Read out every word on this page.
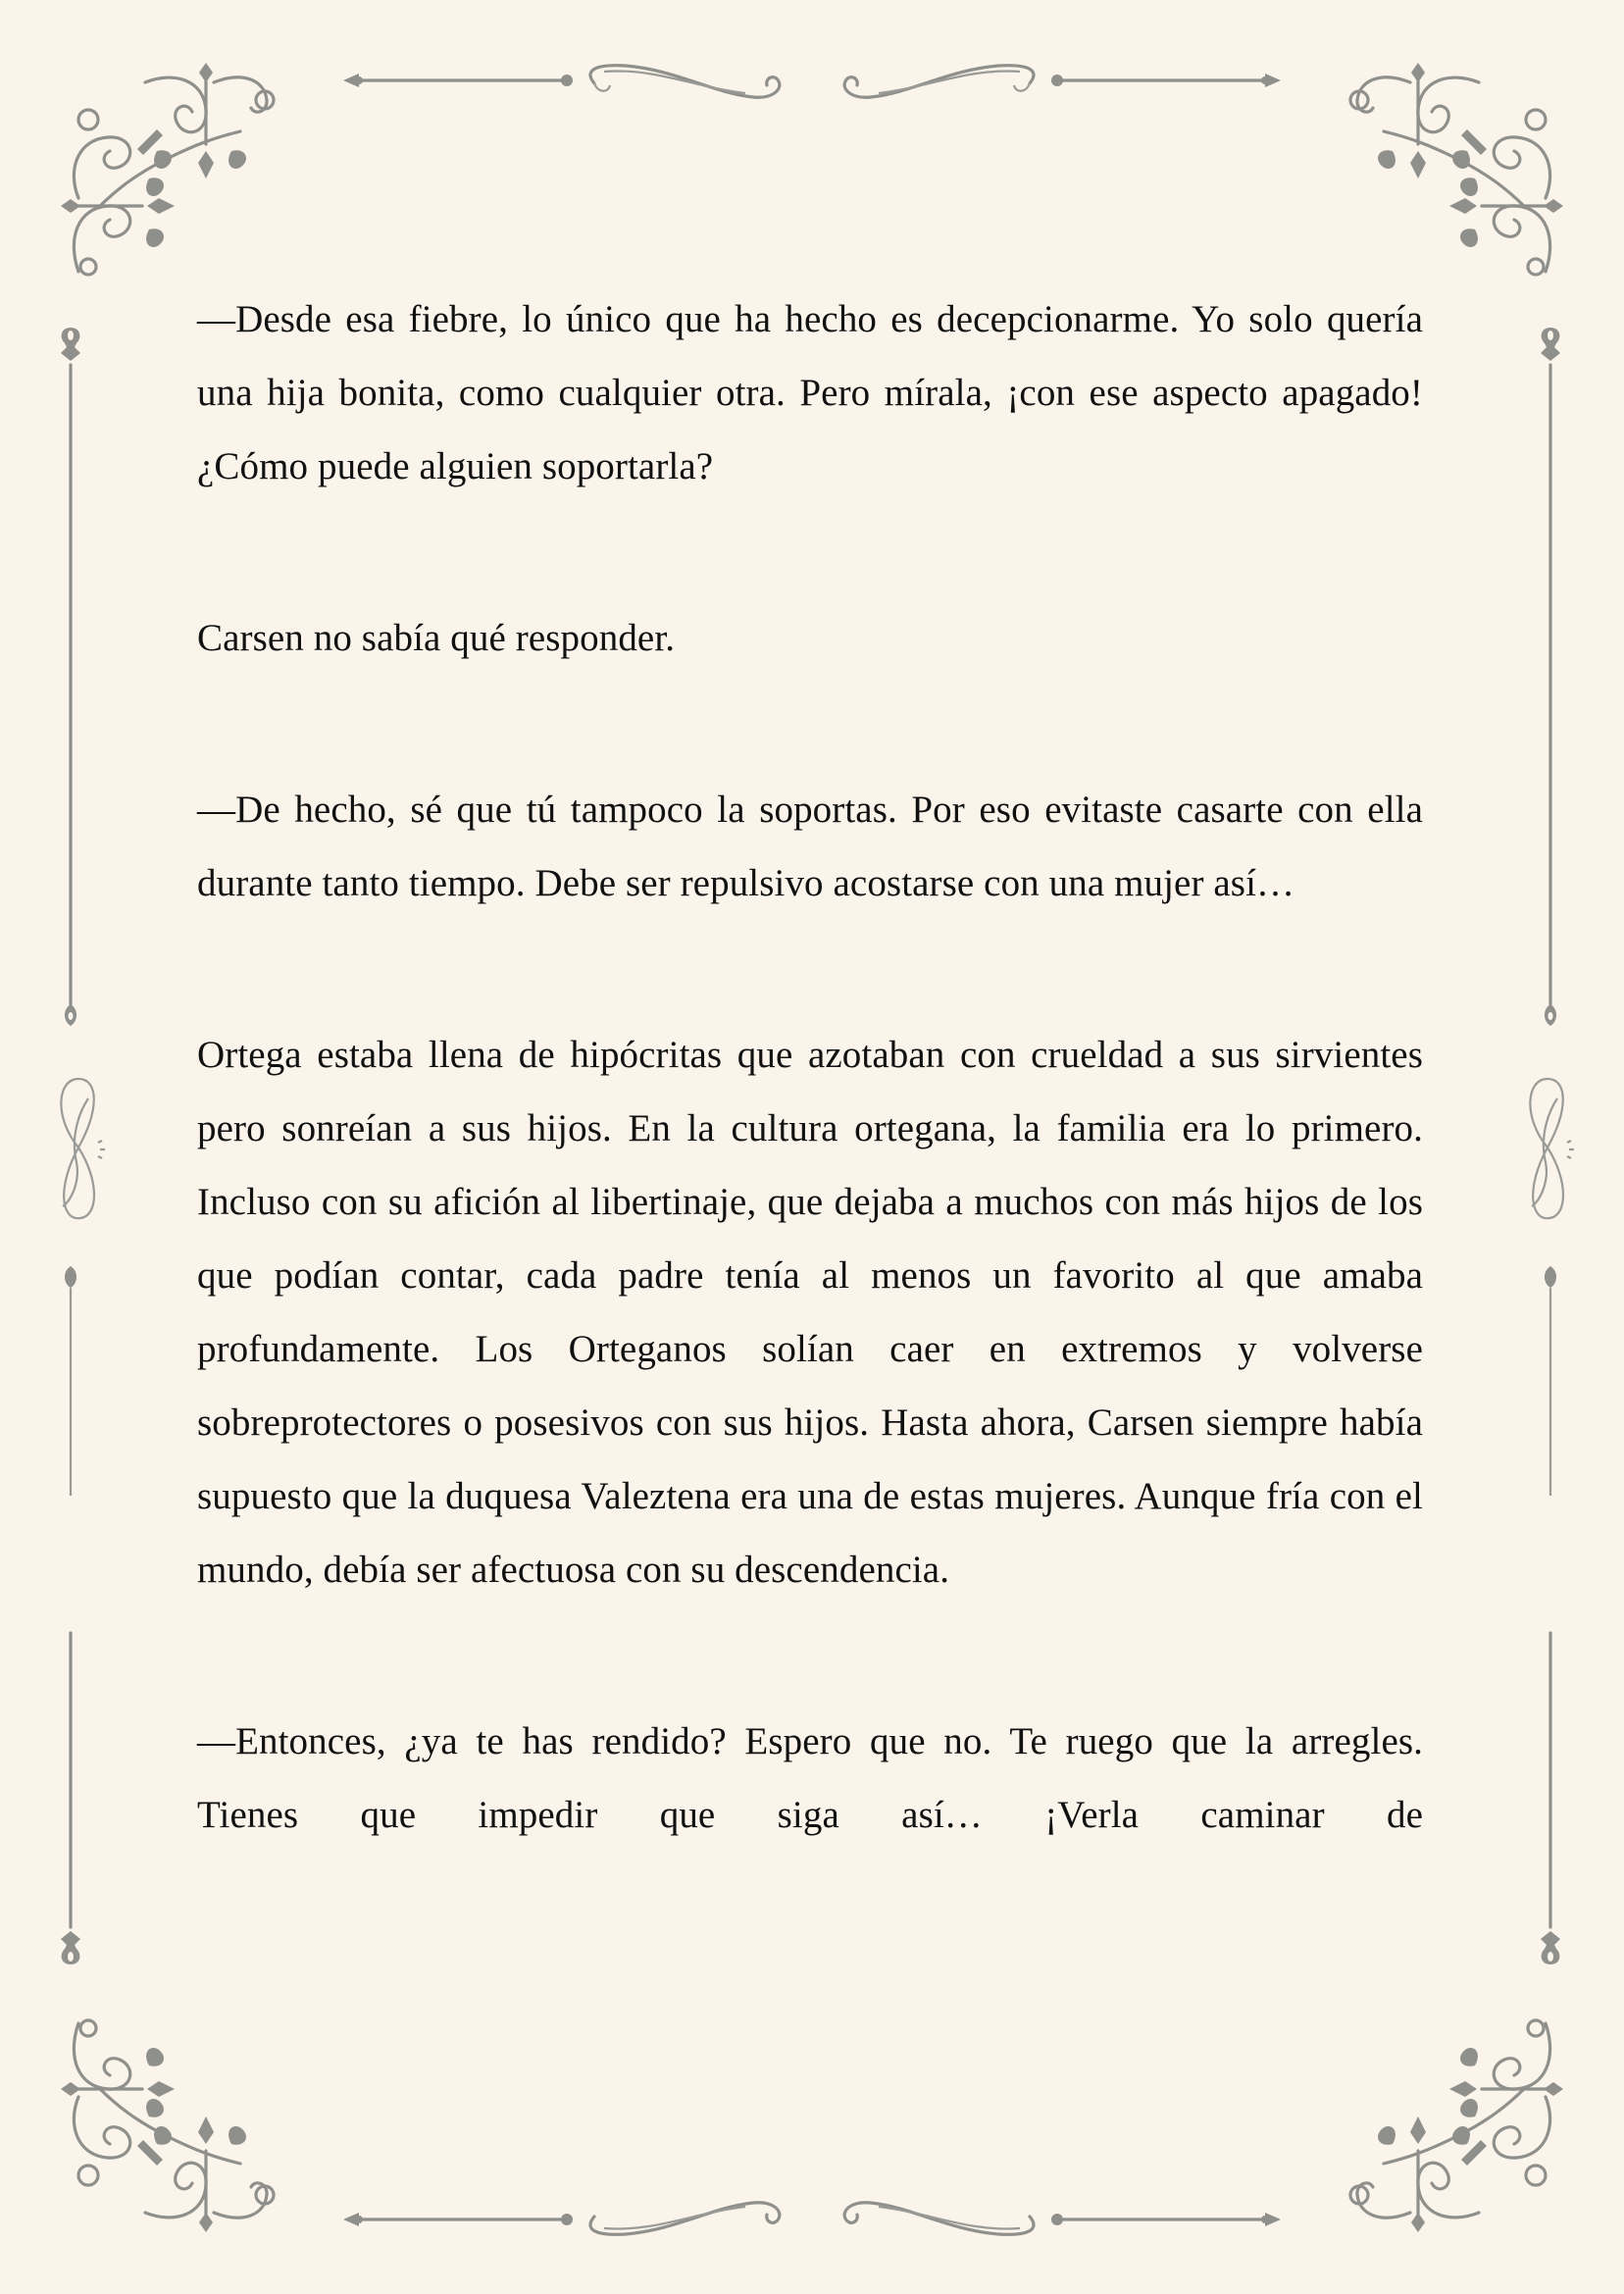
—Desde esa fiebre, lo único que ha hecho es decepcionarme. Yo solo quería una hija bonita, como cualquier otra. Pero mírala, ¡con ese aspecto apagado! ¿Cómo puede alguien soportarla?

Carsen no sabía qué responder.

—De hecho, sé que tú tampoco la soportas. Por eso evitaste casarte con ella durante tanto tiempo. Debe ser repulsivo acostarse con una mujer así…

Ortega estaba llena de hipócritas que azotaban con crueldad a sus sirvientes pero sonreían a sus hijos. En la cultura ortegana, la familia era lo primero. Incluso con su afición al libertinaje, que dejaba a muchos con más hijos de los que podían contar, cada padre tenía al menos un favorito al que amaba profundamente. Los Orteganos solían caer en extremos y volverse sobreprotectores o posesivos con sus hijos. Hasta ahora, Carsen siempre había supuesto que la duquesa Valeztena era una de estas mujeres. Aunque fría con el mundo, debía ser afectuosa con su descendencia.

—Entonces, ¿ya te has rendido? Espero que no. Te ruego que la arregles. Tienes que impedir que siga así… ¡Verla caminar de
